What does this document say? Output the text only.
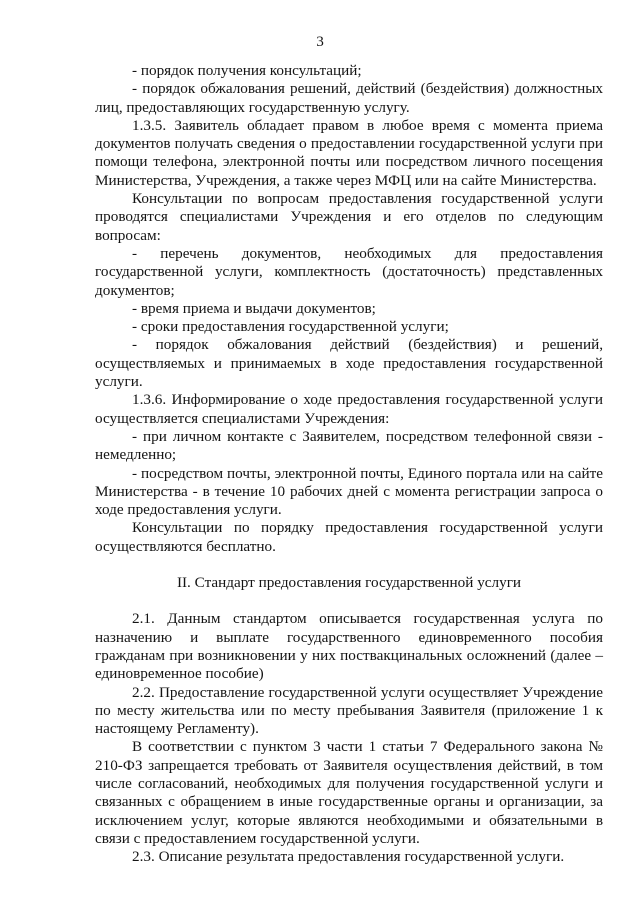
3

- порядок получения консультаций;

- порядок обжалования решений, действий (бездействия) должностных лиц, предоставляющих государственную услугу.

1.3.5. Заявитель обладает правом в любое время с момента приема документов получать сведения о предоставлении государственной услуги при помощи телефона, электронной почты или посредством личного посещения Министерства, Учреждения, а также через МФЦ или на сайте Министерства.

Консультации по вопросам предоставления государственной услуги проводятся специалистами Учреждения и его отделов по следующим вопросам:

- перечень документов, необходимых для предоставления государственной услуги, комплектность (достаточность) представленных документов;

- время приема и выдачи документов;

- сроки предоставления государственной услуги;

- порядок обжалования действий (бездействия) и решений, осуществляемых и принимаемых в ходе предоставления государственной услуги.

1.3.6. Информирование о ходе предоставления государственной услуги осуществляется специалистами Учреждения:

- при личном контакте с Заявителем, посредством телефонной связи - немедленно;

- посредством почты, электронной почты, Единого портала или на сайте Министерства - в течение 10 рабочих дней с момента регистрации запроса о ходе предоставления услуги.

Консультации по порядку предоставления государственной услуги осуществляются бесплатно.

II. Стандарт предоставления государственной услуги

2.1. Данным стандартом описывается государственная услуга по назначению и выплате государственного единовременного пособия гражданам при возникновении у них поствакцинальных осложнений (далее – единовременное пособие)

2.2. Предоставление государственной услуги осуществляет Учреждение по месту жительства или по месту пребывания Заявителя (приложение 1 к настоящему Регламенту).

В соответствии с пунктом 3 части 1 статьи 7 Федерального закона № 210-ФЗ запрещается требовать от Заявителя осуществления действий, в том числе согласований, необходимых для получения государственной услуги и связанных с обращением в иные государственные органы и организации, за исключением услуг, которые являются необходимыми и обязательными в связи с предоставлением государственной услуги.

2.3. Описание результата предоставления государственной услуги.
